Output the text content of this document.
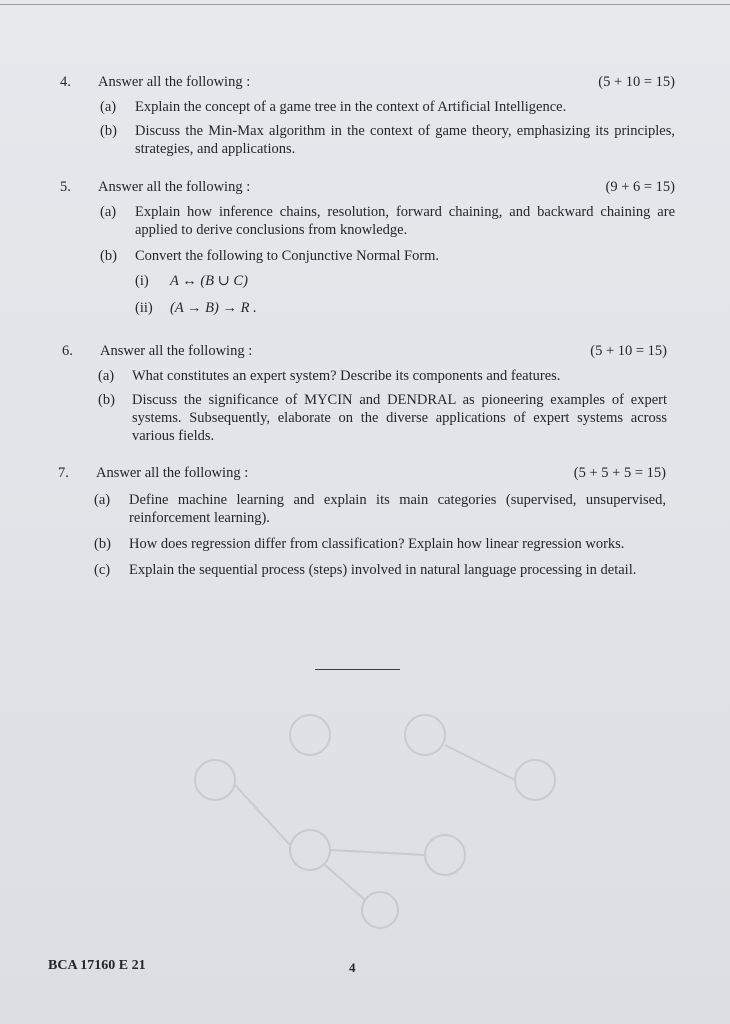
4. Answer all the following :	(5 + 10 = 15)
(a) Explain the concept of a game tree in the context of Artificial Intelligence.
(b) Discuss the Min-Max algorithm in the context of game theory, emphasizing its principles, strategies, and applications.
5. Answer all the following :	(9 + 6 = 15)
(a) Explain how inference chains, resolution, forward chaining, and backward chaining are applied to derive conclusions from knowledge.
(b) Convert the following to Conjunctive Normal Form.
(i) A ↔ (B ∪ C)
(ii) (A → B) → R .
6. Answer all the following :	(5 + 10 = 15)
(a) What constitutes an expert system? Describe its components and features.
(b) Discuss the significance of MYCIN and DENDRAL as pioneering examples of expert systems. Subsequently, elaborate on the diverse applications of expert systems across various fields.
7. Answer all the following :	(5 + 5 + 5 = 15)
(a) Define machine learning and explain its main categories (supervised, unsupervised, reinforcement learning).
(b) How does regression differ from classification? Explain how linear regression works.
(c) Explain the sequential process (steps) involved in natural language processing in detail.
BCA 17160 E 21	4
